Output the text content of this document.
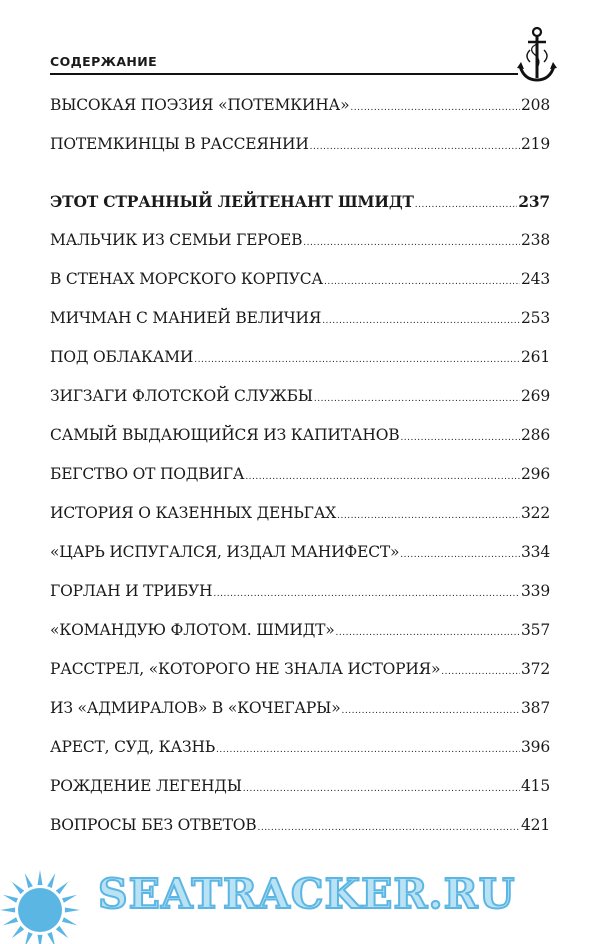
СОДЕРЖАНИЕ
ВЫСОКАЯ ПОЭЗИЯ «ПОТЕМКИНА» .....	208
ПОТЕМКИНЦЫ В РАССЕЯНИИ .....	219
ЭТОТ СТРАННЫЙ ЛЕЙТЕНАНТ ШМИДТ .....	237
МАЛЬЧИК ИЗ СЕМЬИ ГЕРОЕВ .....	238
В СТЕНАХ МОРСКОГО КОРПУСА .....	243
МИЧМАН С МАНИЕЙ ВЕЛИЧИЯ .....	253
ПОД ОБЛАКАМИ .....	261
ЗИГЗАГИ ФЛОТСКОЙ СЛУЖБЫ .....	269
САМЫЙ ВЫДАЮЩИЙСЯ ИЗ КАПИТАНОВ .....	286
БЕГСТВО ОТ ПОДВИГА .....	296
ИСТОРИЯ О КАЗЕННЫХ ДЕНЬГАХ .....	322
«ЦАРЬ ИСПУГАЛСЯ, ИЗДАЛ МАНИФЕСТ» .....	334
ГОРЛАН И ТРИБУН .....	339
«КОМАНДУЮ ФЛОТОМ. ШМИДТ» .....	357
РАССТРЕЛ, «КОТОРОГО НЕ ЗНАЛА ИСТОРИЯ» .....	372
ИЗ «АДМИРАЛОВ» В «КОЧЕГАРЫ» .....	387
АРЕСТ, СУД, КАЗНЬ .....	396
РОЖДЕНИЕ ЛЕГЕНДЫ .....	415
ВОПРОСЫ БЕЗ ОТВЕТОВ .....	421
SEATRACKER.RU
